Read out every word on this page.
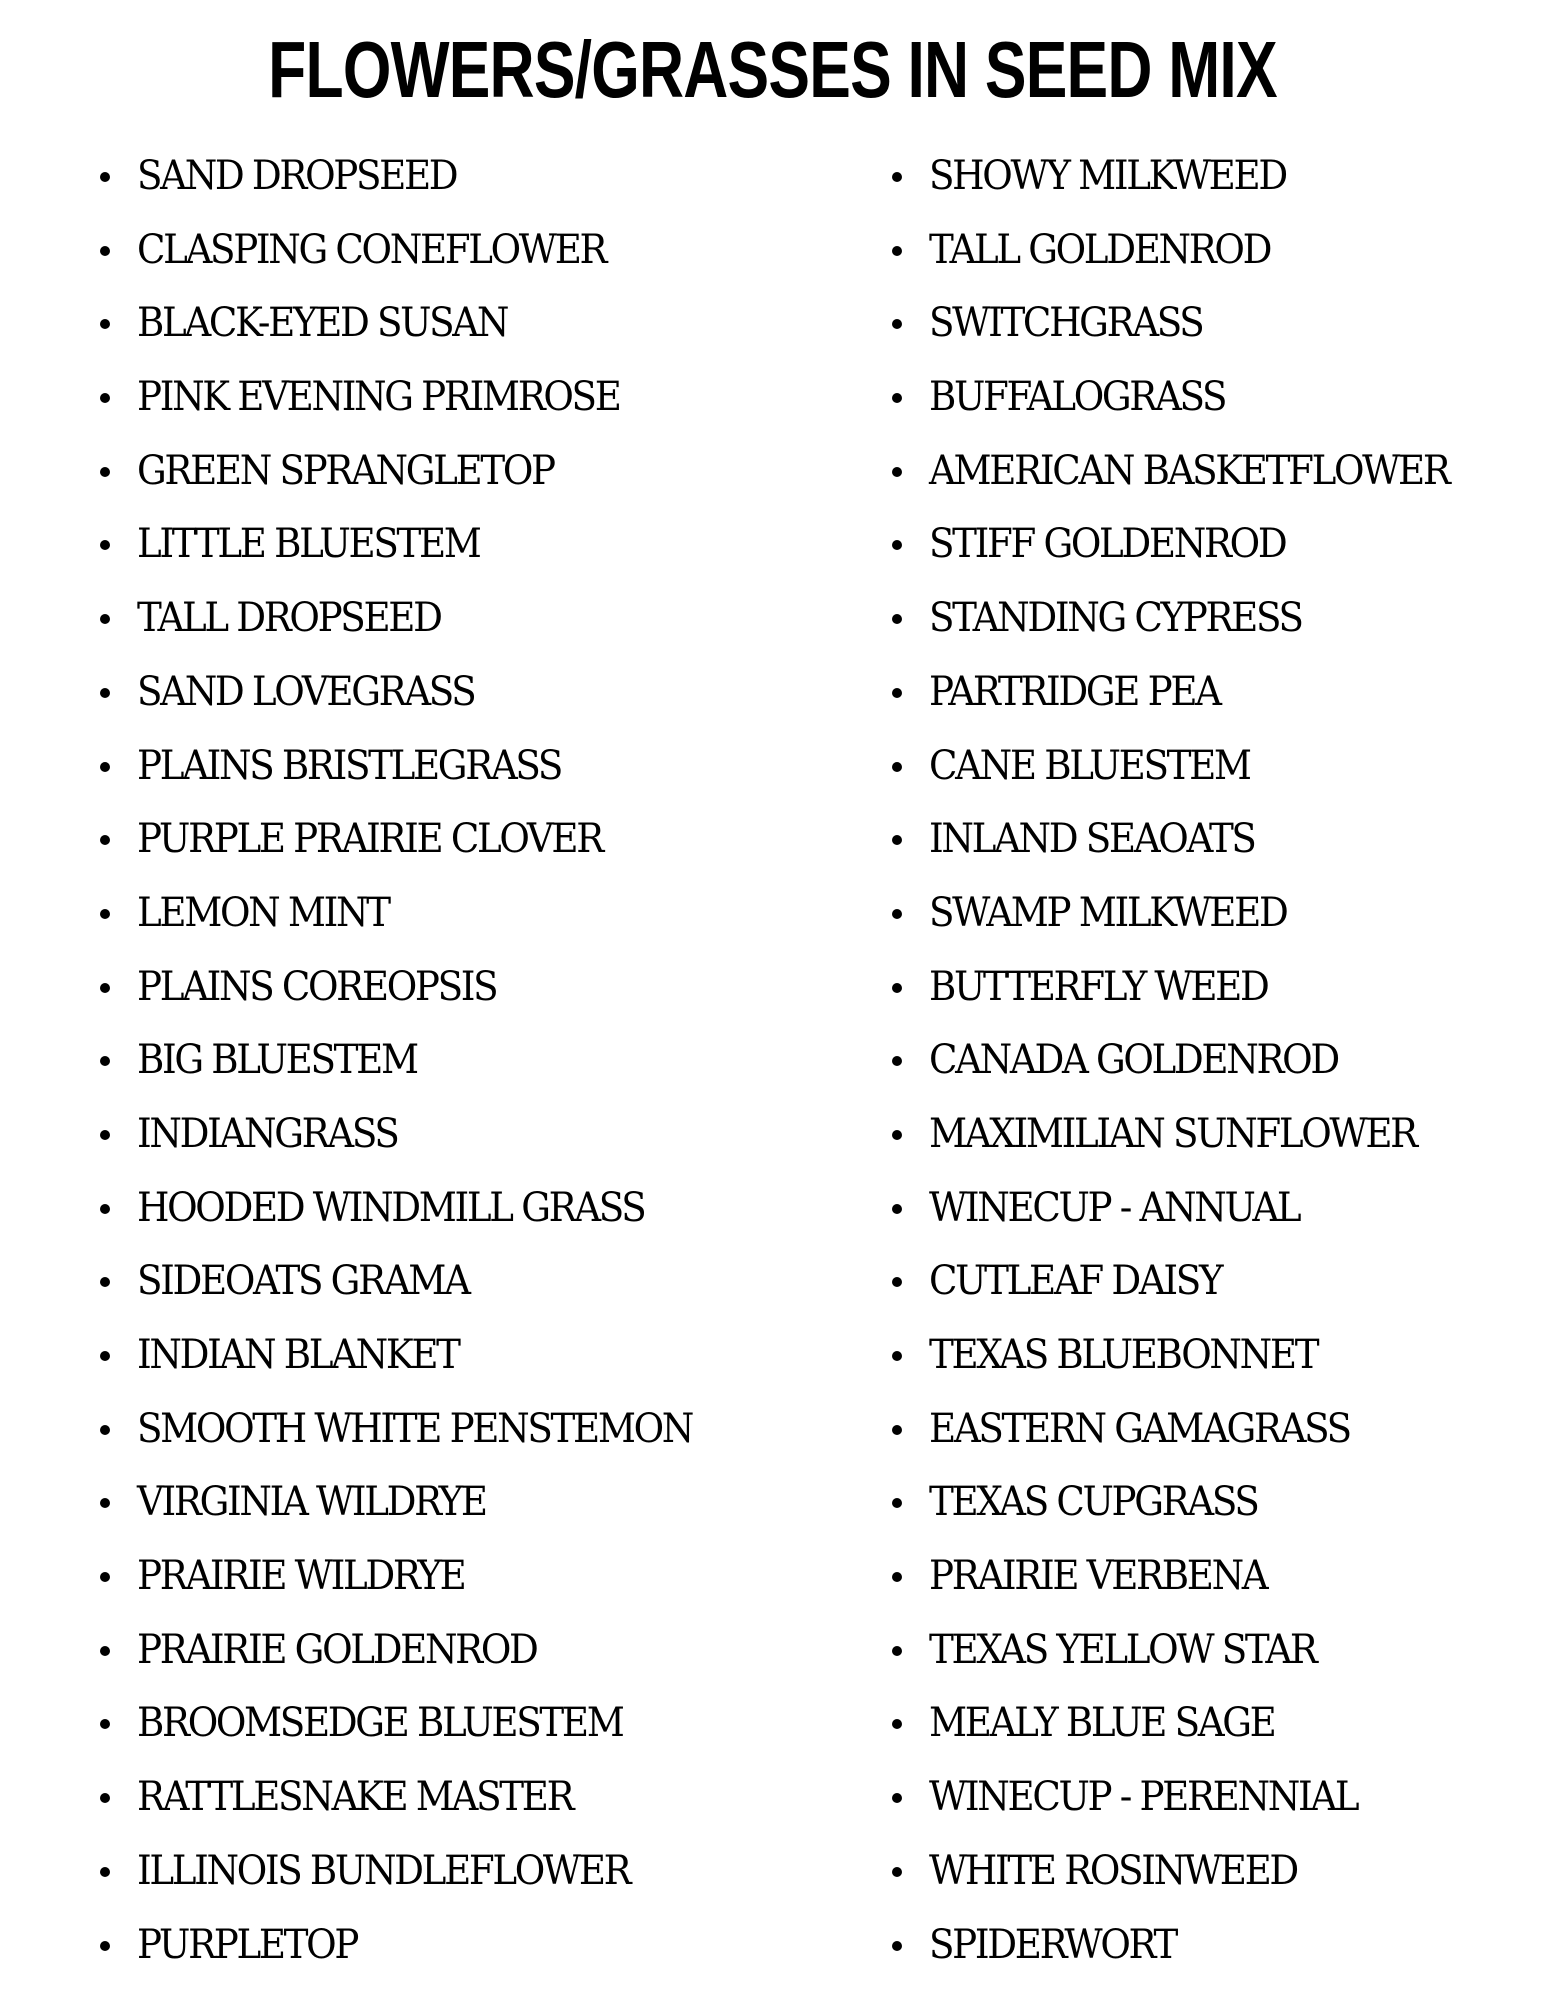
FLOWERS/GRASSES IN SEED MIX
SAND DROPSEED
CLASPING CONEFLOWER
BLACK-EYED SUSAN
PINK EVENING PRIMROSE
GREEN SPRANGLETOP
LITTLE BLUESTEM
TALL DROPSEED
SAND LOVEGRASS
PLAINS BRISTLEGRASS
PURPLE PRAIRIE CLOVER
LEMON MINT
PLAINS COREOPSIS
BIG BLUESTEM
INDIANGRASS
HOODED WINDMILL GRASS
SIDEOATS GRAMA
INDIAN BLANKET
SMOOTH WHITE PENSTEMON
VIRGINIA WILDRYE
PRAIRIE WILDRYE
PRAIRIE GOLDENROD
BROOMSEDGE BLUESTEM
RATTLESNAKE MASTER
ILLINOIS BUNDLEFLOWER
PURPLETOP
SHOWY MILKWEED
TALL GOLDENROD
SWITCHGRASS
BUFFALOGRASS
AMERICAN BASKETFLOWER
STIFF GOLDENROD
STANDING CYPRESS
PARTRIDGE PEA
CANE BLUESTEM
INLAND SEAOATS
SWAMP MILKWEED
BUTTERFLY WEED
CANADA GOLDENROD
MAXIMILIAN SUNFLOWER
WINECUP - ANNUAL
CUTLEAF DAISY
TEXAS BLUEBONNET
EASTERN GAMAGRASS
TEXAS CUPGRASS
PRAIRIE VERBENA
TEXAS YELLOW STAR
MEALY BLUE SAGE
WINECUP - PERENNIAL
WHITE ROSINWEED
SPIDERWORT
